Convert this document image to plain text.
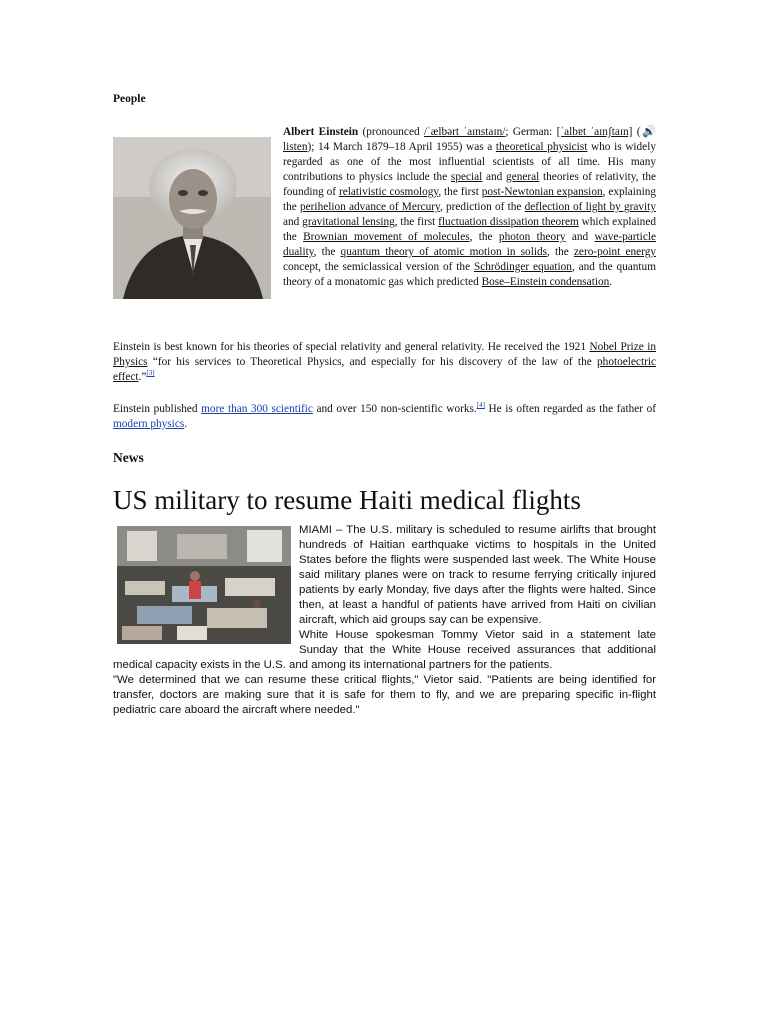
People
Albert Einstein (pronounced /ˈælbərt ˈaɪnstaɪn/; German: [ˈalbɐt ˈaɪnʃtaɪn] (🔊 listen); 14 March 1879–18 April 1955) was a theoretical physicist who is widely regarded as one of the most influential scientists of all time. His many contributions to physics include the special and general theories of relativity, the founding of relativistic cosmology, the first post-Newtonian expansion, explaining the perihelion advance of Mercury, prediction of the deflection of light by gravity and gravitational lensing, the first fluctuation dissipation theorem which explained the Brownian movement of molecules, the photon theory and wave-particle duality, the quantum theory of atomic motion in solids, the zero-point energy concept, the semiclassical version of the Schrödinger equation, and the quantum theory of a monatomic gas which predicted Bose–Einstein condensation.
Einstein is best known for his theories of special relativity and general relativity. He received the 1921 Nobel Prize in Physics “for his services to Theoretical Physics, and especially for his discovery of the law of the photoelectric effect.”[3]
Einstein published more than 300 scientific and over 150 non-scientific works.[4] He is often regarded as the father of modern physics.
News
US military to resume Haiti medical flights

MIAMI – The U.S. military is scheduled to resume airlifts that brought hundreds of Haitian earthquake victims to hospitals in the United States before the flights were suspended last week. The White House said military planes were on track to resume ferrying critically injured patients by early Monday, five days after the flights were halted. Since then, at least a handful of patients have arrived from Haiti on civilian aircraft, which aid groups say can be expensive.

White House spokesman Tommy Vietor said in a statement late Sunday that the White House received assurances that additional medical capacity exists in the U.S. and among its international partners for the patients.

"We determined that we can resume these critical flights," Vietor said. "Patients are being identified for transfer, doctors are making sure that it is safe for them to fly, and we are preparing specific in-flight pediatric care aboard the aircraft where needed."
